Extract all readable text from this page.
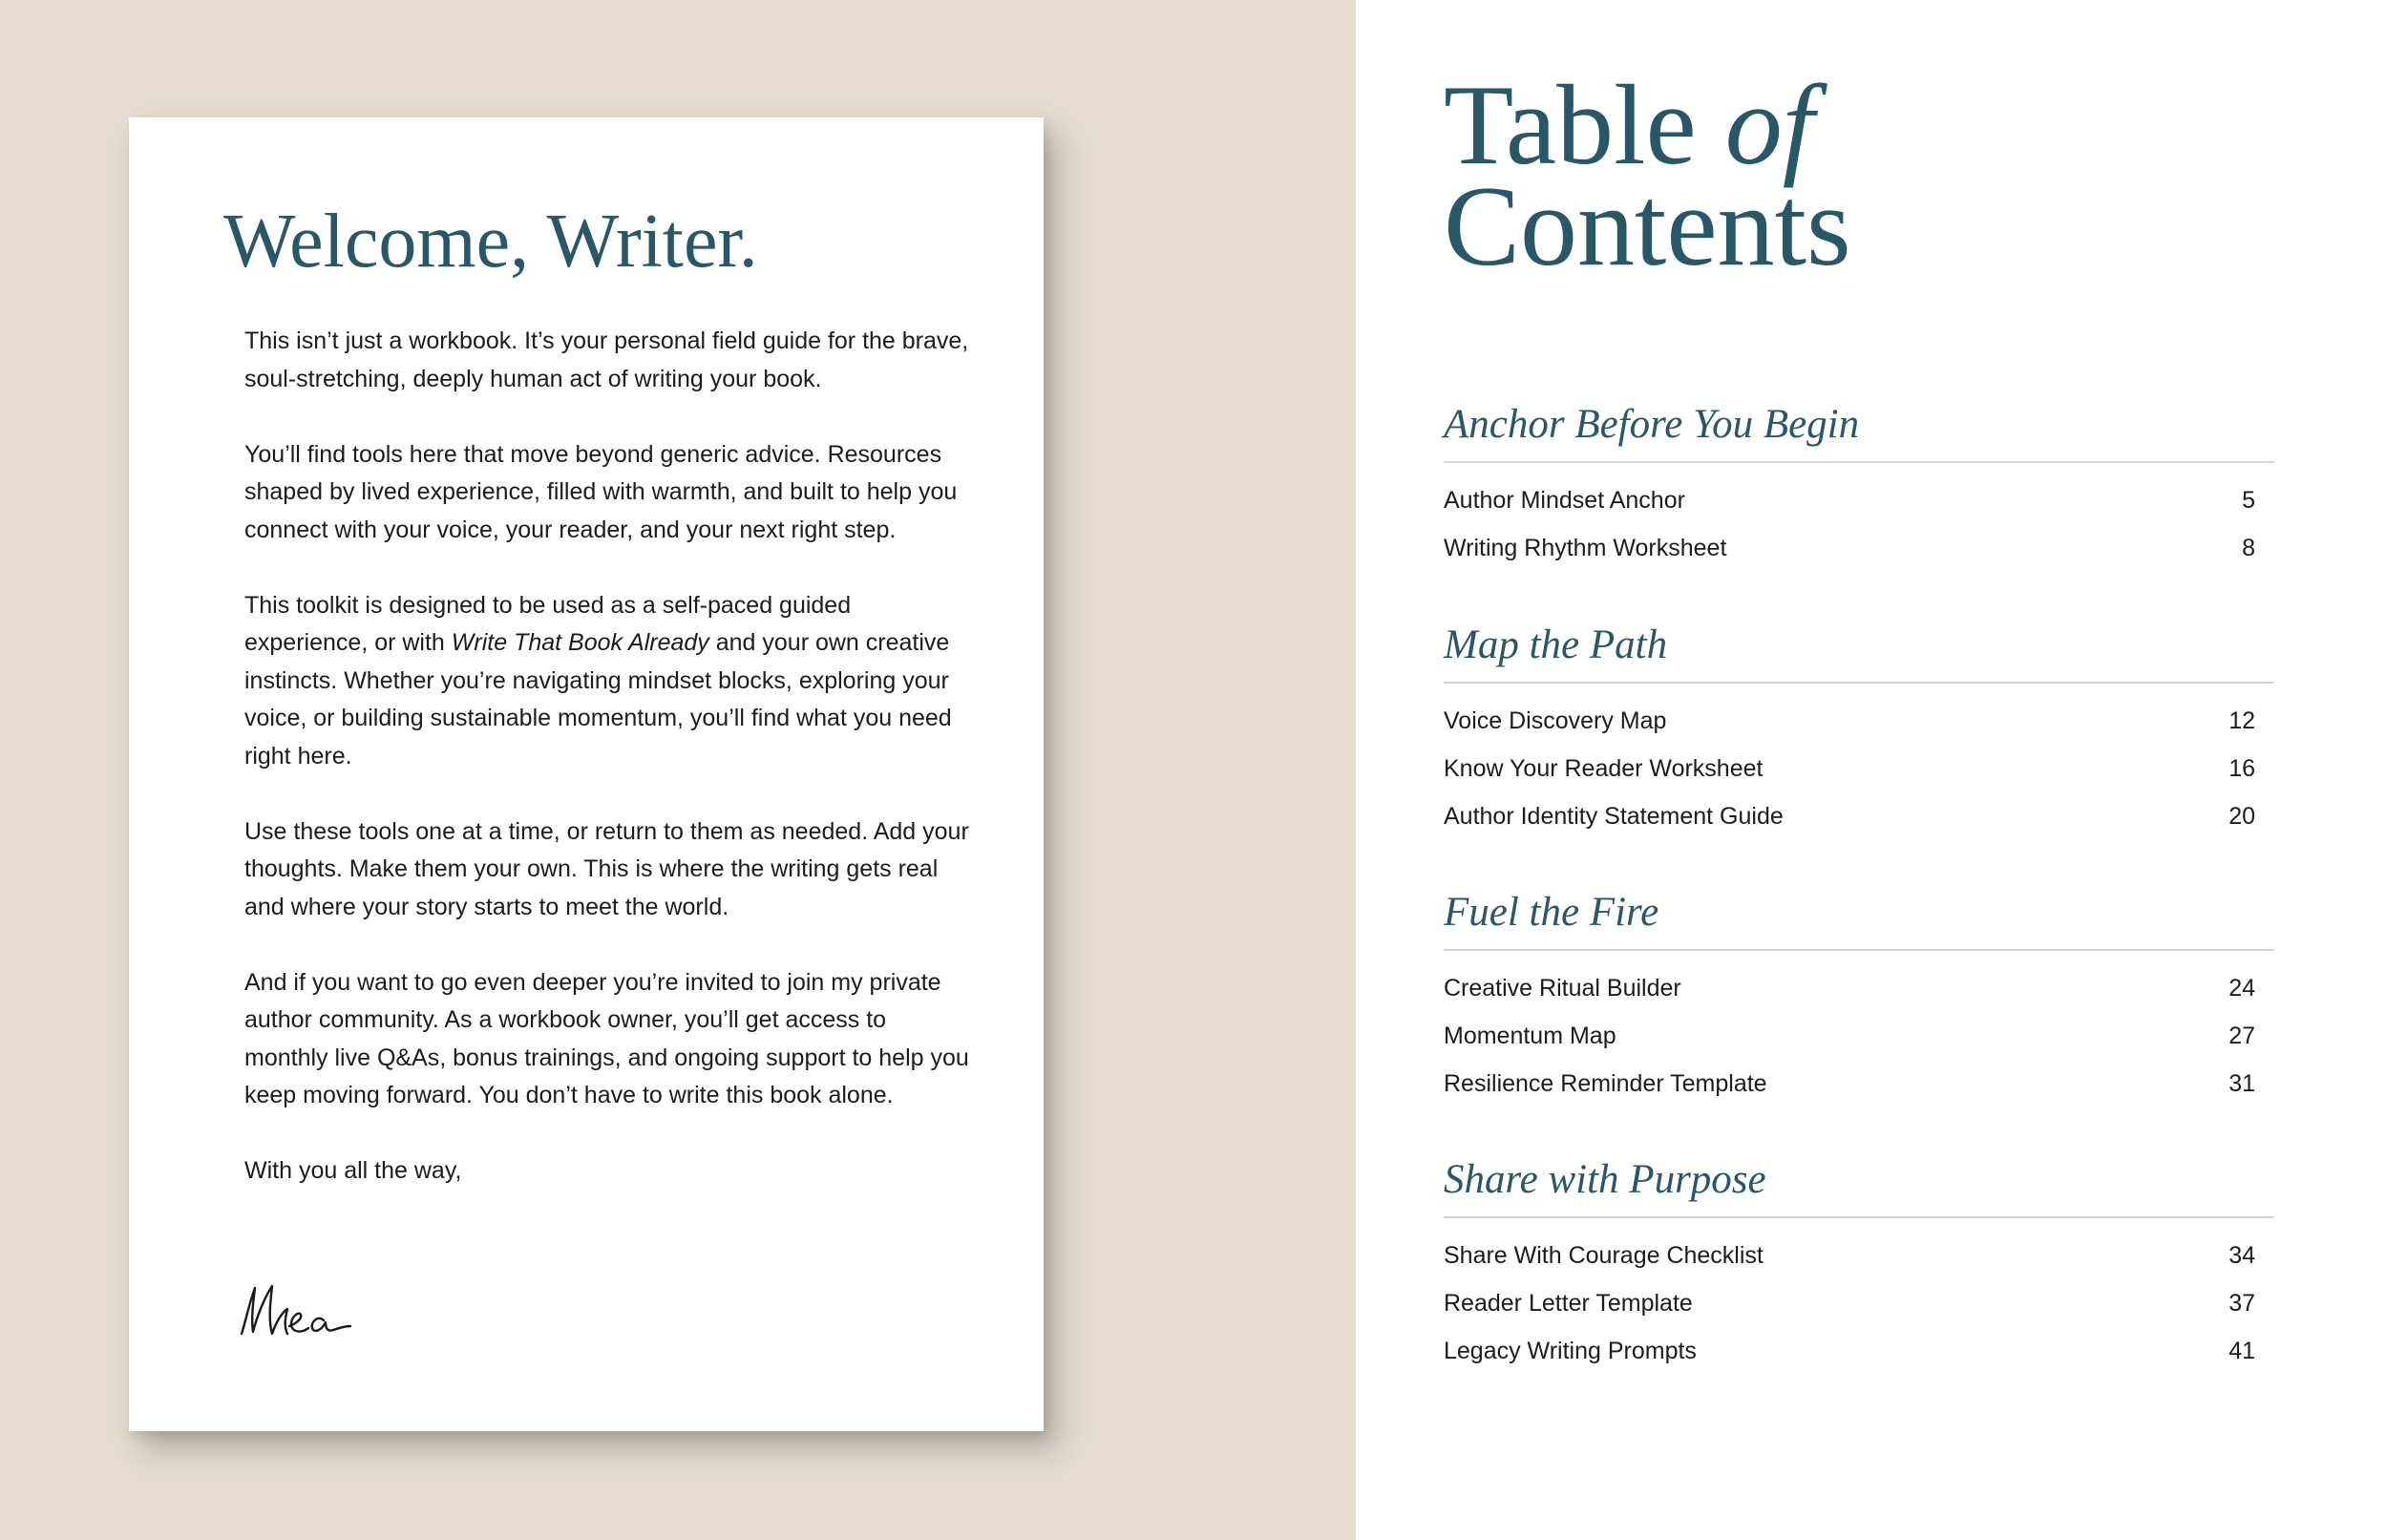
Welcome, Writer.

This isn’t just a workbook. It’s your personal field guide for the brave, soul-stretching, deeply human act of writing your book.

You’ll find tools here that move beyond generic advice. Resources shaped by lived experience, filled with warmth, and built to help you connect with your voice, your reader, and your next right step.

This toolkit is designed to be used as a self-paced guided experience, or with Write That Book Already and your own creative instincts. Whether you’re navigating mindset blocks, exploring your voice, or building sustainable momentum, you’ll find what you need right here.

Use these tools one at a time, or return to them as needed. Add your thoughts. Make them your own. This is where the writing gets real and where your story starts to meet the world.

And if you want to go even deeper you’re invited to join my private author community. As a workbook owner, you’ll get access to monthly live Q&As, bonus trainings, and ongoing support to help you keep moving forward. You don’t have to write this book alone.

With you all the way,

Table of
Contents
Anchor Before You Begin
Author Mindset Anchor	5
Writing Rhythm Worksheet	8
Map the Path
Voice Discovery Map	12
Know Your Reader Worksheet	16
Author Identity Statement Guide	20
Fuel the Fire
Creative Ritual Builder	24
Momentum Map	27
Resilience Reminder Template	31
Share with Purpose
Share With Courage Checklist	34
Reader Letter Template	37
Legacy Writing Prompts	41
